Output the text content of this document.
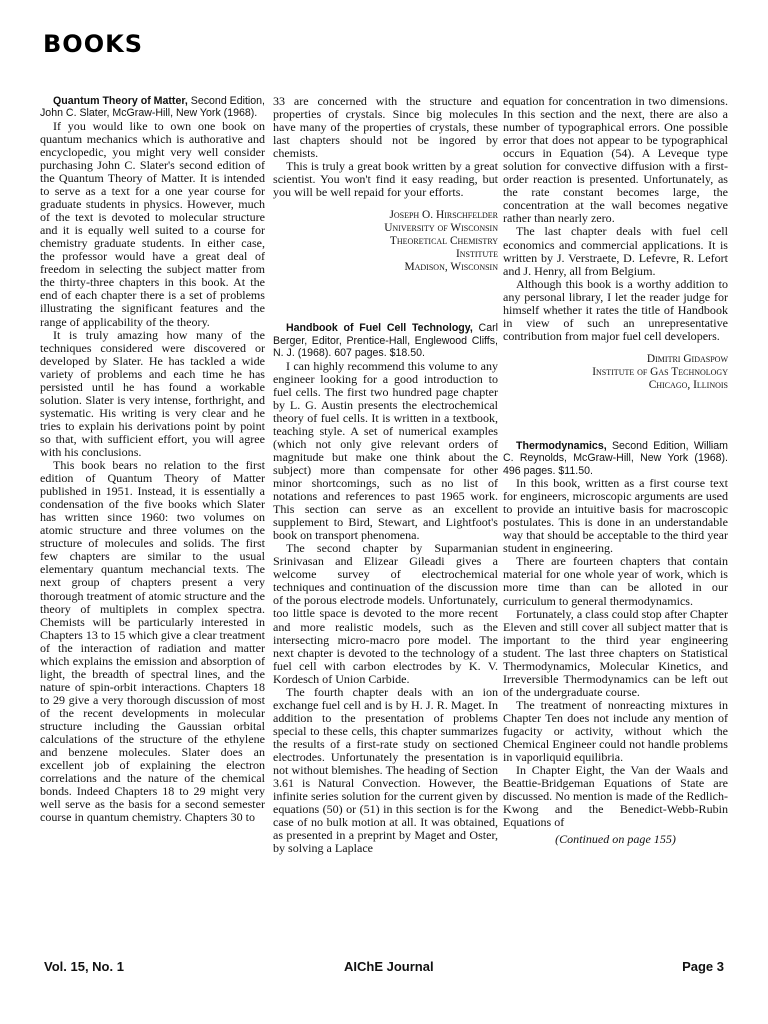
BOOKS

Quantum Theory of Matter, Second Edition, John C. Slater, McGraw-Hill, New York (1968).

If you would like to own one book on quantum mechanics which is authorative and encyclopedic, you might very well consider purchasing John C. Slater's second edition of the Quantum Theory of Matter. It is intended to serve as a text for a one year course for graduate students in physics. However, much of the text is devoted to molecular structure and it is equally well suited to a course for chemistry graduate students. In either case, the professor would have a great deal of freedom in selecting the subject matter from the thirty-three chapters in this book. At the end of each chapter there is a set of problems illustrating the significant features and the range of applicability of the theory.

It is truly amazing how many of the techniques considered were discovered or developed by Slater. He has tackled a wide variety of problems and each time he has persisted until he has found a workable solution. Slater is very intense, forthright, and systematic. His writing is very clear and he tries to explain his derivations point by point so that, with sufficient effort, you will agree with his conclusions.

This book bears no relation to the first edition of Quantum Theory of Matter published in 1951. Instead, it is essentially a condensation of the five books which Slater has written since 1960: two volumes on atomic structure and three volumes on the structure of molecules and solids. The first few chapters are similar to the usual elementary quantum mechancial texts. The next group of chapters present a very thorough treatment of atomic structure and the theory of multiplets in complex spectra. Chemists will be particularly interested in Chapters 13 to 15 which give a clear treatment of the interaction of radiation and matter which explains the emission and absorption of light, the breadth of spectral lines, and the nature of spin-orbit interactions. Chapters 18 to 29 give a very thorough discussion of most of the recent developments in molecular structure including the Gaussian orbital calculations of the structure of the ethylene and benzene molecules. Slater does an excellent job of explaining the electron correlations and the nature of the chemical bonds. Indeed Chapters 18 to 29 might very well serve as the basis for a second semester course in quantum chemistry. Chapters 30 to

33 are concerned with the structure and properties of crystals. Since big molecules have many of the properties of crystals, these last chapters should not be ingored by chemists.

This is truly a great book written by a great scientist. You won't find it easy reading, but you will be well repaid for your efforts.

Joseph O. Hirschfelder
University of Wisconsin
Theoretical Chemistry
Institute
Madison, Wisconsin

Handbook of Fuel Cell Technology, Carl Berger, Editor, Prentice-Hall, Englewood Cliffs, N. J. (1968). 607 pages. $18.50.

I can highly recommend this volume to any engineer looking for a good introduction to fuel cells. The first two hundred page chapter by L. G. Austin presents the electrochemical theory of fuel cells. It is written in a textbook, teaching style. A set of numerical examples (which not only give relevant orders of magnitude but make one think about the subject) more than compensate for other minor shortcomings, such as no list of notations and references to past 1965 work. This section can serve as an excellent supplement to Bird, Stewart, and Lightfoot's book on transport phenomena.

The second chapter by Suparmanian Srinivasan and Elizear Gileadi gives a welcome survey of electrochemical techniques and continuation of the discussion of the porous electrode models. Unfortunately, too little space is devoted to the more recent and more realistic models, such as the intersecting micro-macro pore model. The next chapter is devoted to the technology of a fuel cell with carbon electrodes by K. V. Kordesch of Union Carbide.

The fourth chapter deals with an ion exchange fuel cell and is by H. J. R. Maget. In addition to the presentation of problems special to these cells, this chapter summarizes the results of a first-rate study on sectioned electrodes. Unfortunately the presentation is not without blemishes. The heading of Section 3.61 is Natural Convection. However, the infinite series solution for the current given by equations (50) or (51) in this section is for the case of no bulk motion at all. It was obtained, as presented in a preprint by Maget and Oster, by solving a Laplace

equation for concentration in two dimensions. In this section and the next, there are also a number of typographical errors. One possible error that does not appear to be typographical occurs in Equation (54). A Leveque type solution for convective diffusion with a first-order reaction is presented. Unfortunately, as the rate constant becomes large, the concentration at the wall becomes negative rather than nearly zero.

The last chapter deals with fuel cell economics and commercial applications. It is written by J. Verstraete, D. Lefevre, R. Lefort and J. Henry, all from Belgium.

Although this book is a worthy addition to any personal library, I let the reader judge for himself whether it rates the title of Handbook in view of such an unrepresentative contribution from major fuel cell developers.

Dimitri Gidaspow
Institute of Gas Technology
Chicago, Illinois

Thermodynamics, Second Edition, William C. Reynolds, McGraw-Hill, New York (1968). 496 pages. $11.50.

In this book, written as a first course text for engineers, microscopic arguments are used to provide an intuitive basis for macroscopic postulates. This is done in an understandable way that should be acceptable to the third year student in engineering.

There are fourteen chapters that contain material for one whole year of work, which is more time than can be alloted in our curriculum to general thermodynamics.

Fortunately, a class could stop after Chapter Eleven and still cover all subject matter that is important to the third year engineering student. The last three chapters on Statistical Thermodynamics, Molecular Kinetics, and Irreversible Thermodynamics can be left out of the undergraduate course.

The treatment of nonreacting mixtures in Chapter Ten does not include any mention of fugacity or activity, without which the Chemical Engineer could not handle problems in vaporliquid equilibria.

In Chapter Eight, the Van der Waals and Beattie-Bridgeman Equations of State are discussed. No mention is made of the Redlich-Kwong and the Benedict-Webb-Rubin Equations of

(Continued on page 155)
Vol. 15, No. 1	AIChE Journal	Page 3
